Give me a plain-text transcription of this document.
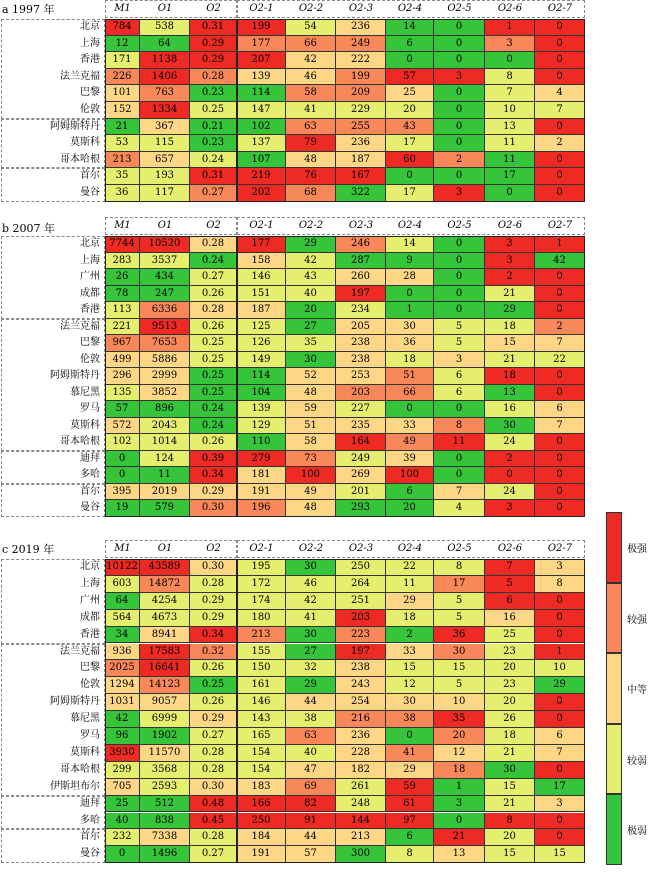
a 1997 年	M1	O1	O2	O2-1	O2-2	O2-3	O2-4	O2-5	O2-6	O2-7
北京	784	538	0.31	199	54	236	14	0	1	0
上海	12	64	0.29	177	66	249	6	0	3	0
香港	171	1138	0.29	207	42	222	0	0	0	0
法兰克福	226	1406	0.28	139	46	199	57	3	8	0
巴黎	101	763	0.23	114	58	209	25	0	7	4
伦敦	152	1334	0.25	147	41	229	20	0	10	7
阿姆斯特丹	21	367	0.21	102	63	255	43	0	13	0
莫斯科	53	115	0.23	137	79	236	17	0	11	2
哥本哈根	213	657	0.24	107	48	187	60	2	11	0
首尔	35	193	0.31	219	76	167	0	0	17	0
曼谷	36	117	0.27	202	68	322	17	3	0	0
b 2007 年	M1	O1	O2	O2-1	O2-2	O2-3	O2-4	O2-5	O2-6	O2-7
北京 7744	10520	0.28	177	29	246	14	0	3	1
上海	283	3537	0.24	158	42	287	9	0	3	42
广州	26	434	0.27	146	43	260	28	0	2	0
成都	78	247	0.26	151	40	197	0	0	21	0
香港	113	6336	0.28	187	20	234	1	0	29	0
法兰克福	221	9513	0.26	125	27	205	30	5	18	2
巴黎	967	7653	0.25	126	35	238	36	5	15	7
伦敦	499	5886	0.25	149	30	238	18	3	21	22
阿姆斯特丹	296	2999	0.25	114	52	253	51	6	18	0
慕尼黑	135	3852	0.25	104	48	203	66	6	13	0
罗马	57	896	0.24	139	59	227	0	0	16	6
莫斯科	572	2043	0.24	129	51	235	33	8	30	7
哥本哈根	102	1014	0.26	110	58	164	49	11	24	0
迪拜	0	124	0.39	279	73	249	39	0	2	0
多哈	0	11	0.34	181	100	269	100	0	0	0
首尔	395	2019	0.29	191	49	201	6	7	24	0
曼谷	19	579	0.30	196	48	293	20	4	3	0
c 2019 年	M1	O1	O2	O2-1	O2-2	O2-3	O2-4	O2-5	O2-6	O2-7
北京 10122	43589	0.30	195	30	250	22	8	7	3
上海	603	14872	0.28	172	46	264	11	17	5	8
广州	64	4254	0.29	174	42	251	29	5	6	0
成都	564	4673	0.29	180	41	203	18	5	16	0
香港	34	8941	0.34	213	30	223	2	36	25	0
法兰克福	936	17583	0.32	155	27	197	33	30	23	1
巴黎 2025	16641	0.26	150	32	238	15	15	20	10
伦敦 1294	14123	0.25	161	29	243	12	5	23	29
阿姆斯特丹 1031	9057	0.26	146	44	254	30	10	20	0
慕尼黑	42	6999	0.29	143	38	216	38	35	26	0
罗马	96	1902	0.27	165	63	236	0	20	18	6
莫斯科 3930	11570	0.28	154	40	228	41	12	21	7
哥本哈根	299	3568	0.28	154	47	182	29	18	30	0
伊斯坦布尔	705	2593	0.30	183	69	261	59	1	15	17
迪拜	25	512	0.48	166	82	248	61	3	21	3
多哈	40	838	0.45	250	91	144	97	0	8	0
首尔	232	7338	0.28	184	44	213	6	21	20	0
曼谷	0	1496	0.27	191	57	300	8	13	15	15
极强
较强
中等
较弱
极弱
